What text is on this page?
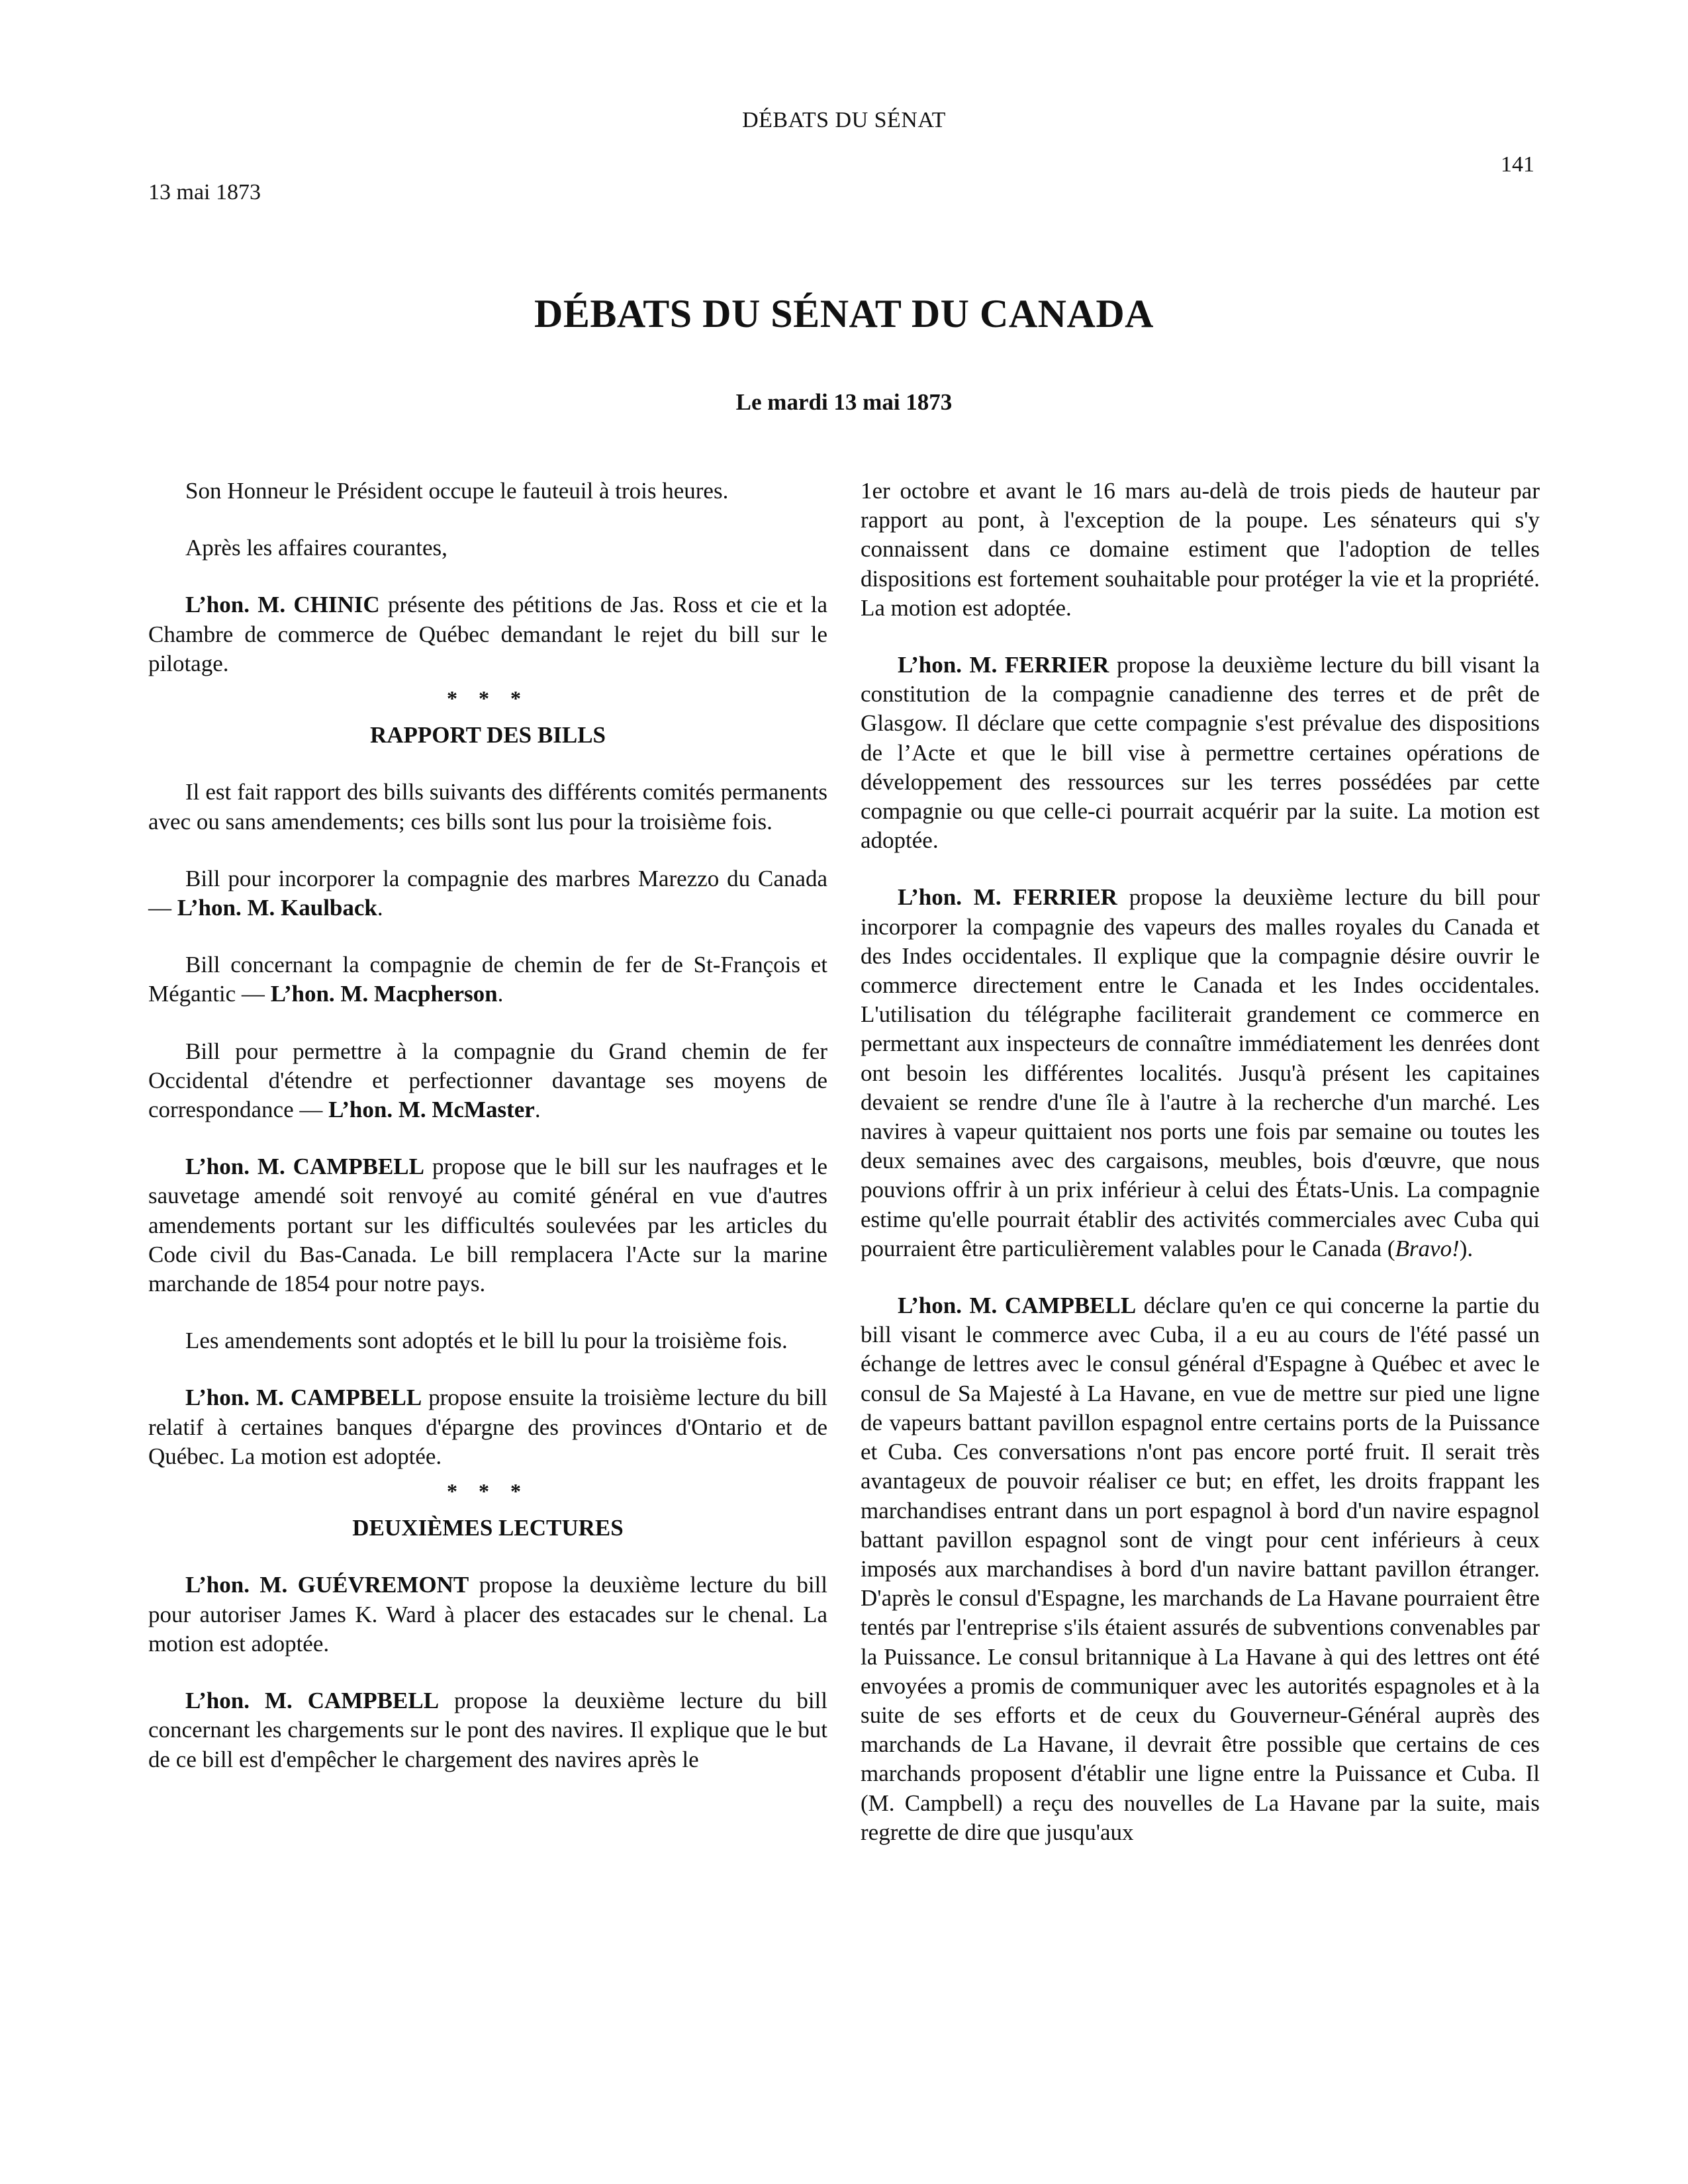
DÉBATS DU SÉNAT
141
13 mai 1873
DÉBATS DU SÉNAT DU CANADA
Le mardi 13 mai 1873

Son Honneur le Président occupe le fauteuil à trois heures.

Après les affaires courantes,

L’hon. M. CHINIC présente des pétitions de Jas. Ross et cie et la Chambre de commerce de Québec demandant le rejet du bill sur le pilotage.

* * *
RAPPORT DES BILLS

Il est fait rapport des bills suivants des différents comités permanents avec ou sans amendements; ces bills sont lus pour la troisième fois.

Bill pour incorporer la compagnie des marbres Marezzo du Canada — L’hon. M. Kaulback.

Bill concernant la compagnie de chemin de fer de St-François et Mégantic — L’hon. M. Macpherson.

Bill pour permettre à la compagnie du Grand chemin de fer Occidental d'étendre et perfectionner davantage ses moyens de correspondance — L’hon. M. McMaster.

L’hon. M. CAMPBELL propose que le bill sur les naufrages et le sauvetage amendé soit renvoyé au comité général en vue d'autres amendements portant sur les difficultés soulevées par les articles du Code civil du Bas-Canada. Le bill remplacera l'Acte sur la marine marchande de 1854 pour notre pays.

Les amendements sont adoptés et le bill lu pour la troisième fois.

L’hon. M. CAMPBELL propose ensuite la troisième lecture du bill relatif à certaines banques d'épargne des provinces d'Ontario et de Québec. La motion est adoptée.

* * *
DEUXIÈMES LECTURES

L’hon. M. GUÉVREMONT propose la deuxième lecture du bill pour autoriser James K. Ward à placer des estacades sur le chenal. La motion est adoptée.

L’hon. M. CAMPBELL propose la deuxième lecture du bill concernant les chargements sur le pont des navires. Il explique que le but de ce bill est d'empêcher le chargement des navires après le

1er octobre et avant le 16 mars au-delà de trois pieds de hauteur par rapport au pont, à l'exception de la poupe. Les sénateurs qui s'y connaissent dans ce domaine estiment que l'adoption de telles dispositions est fortement souhaitable pour protéger la vie et la propriété. La motion est adoptée.

L’hon. M. FERRIER propose la deuxième lecture du bill visant la constitution de la compagnie canadienne des terres et de prêt de Glasgow. Il déclare que cette compagnie s'est prévalue des dispositions de l’Acte et que le bill vise à permettre certaines opérations de développement des ressources sur les terres possédées par cette compagnie ou que celle-ci pourrait acquérir par la suite. La motion est adoptée.

L’hon. M. FERRIER propose la deuxième lecture du bill pour incorporer la compagnie des vapeurs des malles royales du Canada et des Indes occidentales. Il explique que la compagnie désire ouvrir le commerce directement entre le Canada et les Indes occidentales. L'utilisation du télégraphe faciliterait grandement ce commerce en permettant aux inspecteurs de connaître immédiatement les denrées dont ont besoin les différentes localités. Jusqu'à présent les capitaines devaient se rendre d'une île à l'autre à la recherche d'un marché. Les navires à vapeur quittaient nos ports une fois par semaine ou toutes les deux semaines avec des cargaisons, meubles, bois d'œuvre, que nous pouvions offrir à un prix inférieur à celui des États-Unis. La compagnie estime qu'elle pourrait établir des activités commerciales avec Cuba qui pourraient être particulièrement valables pour le Canada (Bravo!).

L’hon. M. CAMPBELL déclare qu'en ce qui concerne la partie du bill visant le commerce avec Cuba, il a eu au cours de l'été passé un échange de lettres avec le consul général d'Espagne à Québec et avec le consul de Sa Majesté à La Havane, en vue de mettre sur pied une ligne de vapeurs battant pavillon espagnol entre certains ports de la Puissance et Cuba. Ces conversations n'ont pas encore porté fruit. Il serait très avantageux de pouvoir réaliser ce but; en effet, les droits frappant les marchandises entrant dans un port espagnol à bord d'un navire espagnol battant pavillon espagnol sont de vingt pour cent inférieurs à ceux imposés aux marchandises à bord d'un navire battant pavillon étranger. D'après le consul d'Espagne, les marchands de La Havane pourraient être tentés par l'entreprise s'ils étaient assurés de subventions convenables par la Puissance. Le consul britannique à La Havane à qui des lettres ont été envoyées a promis de communiquer avec les autorités espagnoles et à la suite de ses efforts et de ceux du Gouverneur-Général auprès des marchands de La Havane, il devrait être possible que certains de ces marchands proposent d'établir une ligne entre la Puissance et Cuba. Il (M. Campbell) a reçu des nouvelles de La Havane par la suite, mais regrette de dire que jusqu'aux
